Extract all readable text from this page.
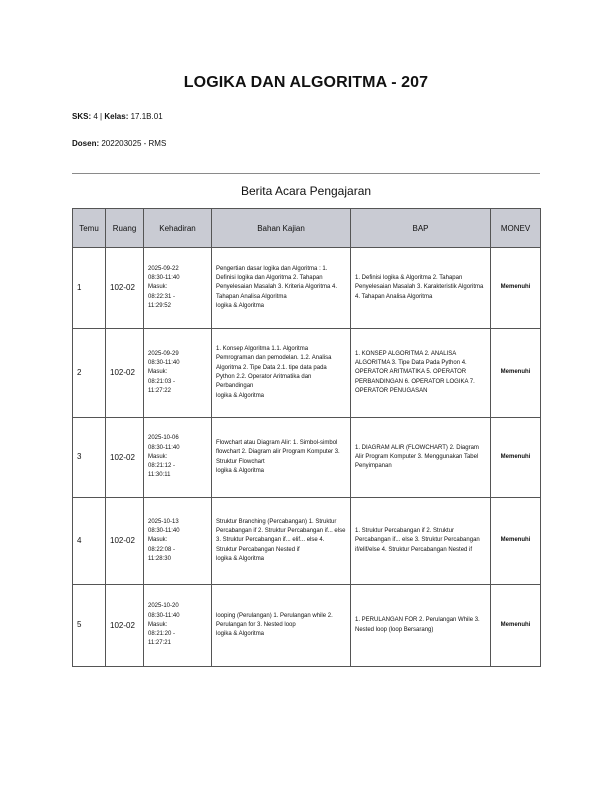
LOGIKA DAN ALGORITMA - 207
SKS: 4 | Kelas: 17.1B.01
Dosen: 202203025 - RMS
Berita Acara Pengajaran
Temu	Ruang	Kehadiran	Bahan Kajian	BAP	MONEV
1	102-02	2025-09-22
08:30-11:40
Masuk:
08:22:31 -
11:29:52	Pengertian dasar logika dan Algoritma : 1. Definisi logika dan Algoritma 2. Tahapan Penyelesaian Masalah 3. Kriteria Algoritma 4. Tahapan Analisa Algoritma
logika & Algoritma	1. Definisi logika & Algoritma 2. Tahapan Penyelesaian Masalah 3. Karakteristik Algoritma 4. Tahapan Analisa Algoritma	Memenuhi
2	102-02	2025-09-29
08:30-11:40
Masuk:
08:21:03 -
11:27:22	1. Konsep Algoritma 1.1. Algoritma Pemrograman dan pemodelan. 1.2. Analisa Algoritma 2. Tipe Data 2.1. tipe data pada Python 2.2. Operator Aritmatika dan Perbandingan
logika & Algoritma	1. KONSEP ALGORITMA 2. ANALISA ALGORITMA 3. Tipe Data Pada Python 4. OPERATOR ARITMATIKA 5. OPERATOR PERBANDINGAN 6. OPERATOR LOGIKA 7. OPERATOR PENUGASAN	Memenuhi
3	102-02	2025-10-06
08:30-11:40
Masuk:
08:21:12 -
11:30:11	Flowchart atau Diagram Alir: 1. Simbol-simbol flowchart 2. Diagram alir Program Komputer 3. Struktur Flowchart
logika & Algoritma	1. DIAGRAM ALIR (FLOWCHART) 2. Diagram Alir Program Komputer 3. Menggunakan Tabel Penyimpanan	Memenuhi
4	102-02	2025-10-13
08:30-11:40
Masuk:
08:22:08 -
11:28:30	Struktur Branching (Percabangan) 1. Struktur Percabangan if 2. Struktur Percabangan if... else 3. Struktur Percabangan if... elif... else 4. Struktur Percabangan Nested if
logika & Algoritma	1. Struktur Percabangan if 2. Struktur Percabangan if... else 3. Struktur Percabangan if/elif/else 4. Struktur Percabangan Nested if	Memenuhi
5	102-02	2025-10-20
08:30-11:40
Masuk:
08:21:20 -
11:27:21	looping (Perulangan) 1. Perulangan while 2. Perulangan for 3. Nested loop
logika & Algoritma	1. PERULANGAN FOR 2. Perulangan While 3. Nested loop (loop Bersarang)	Memenuhi
